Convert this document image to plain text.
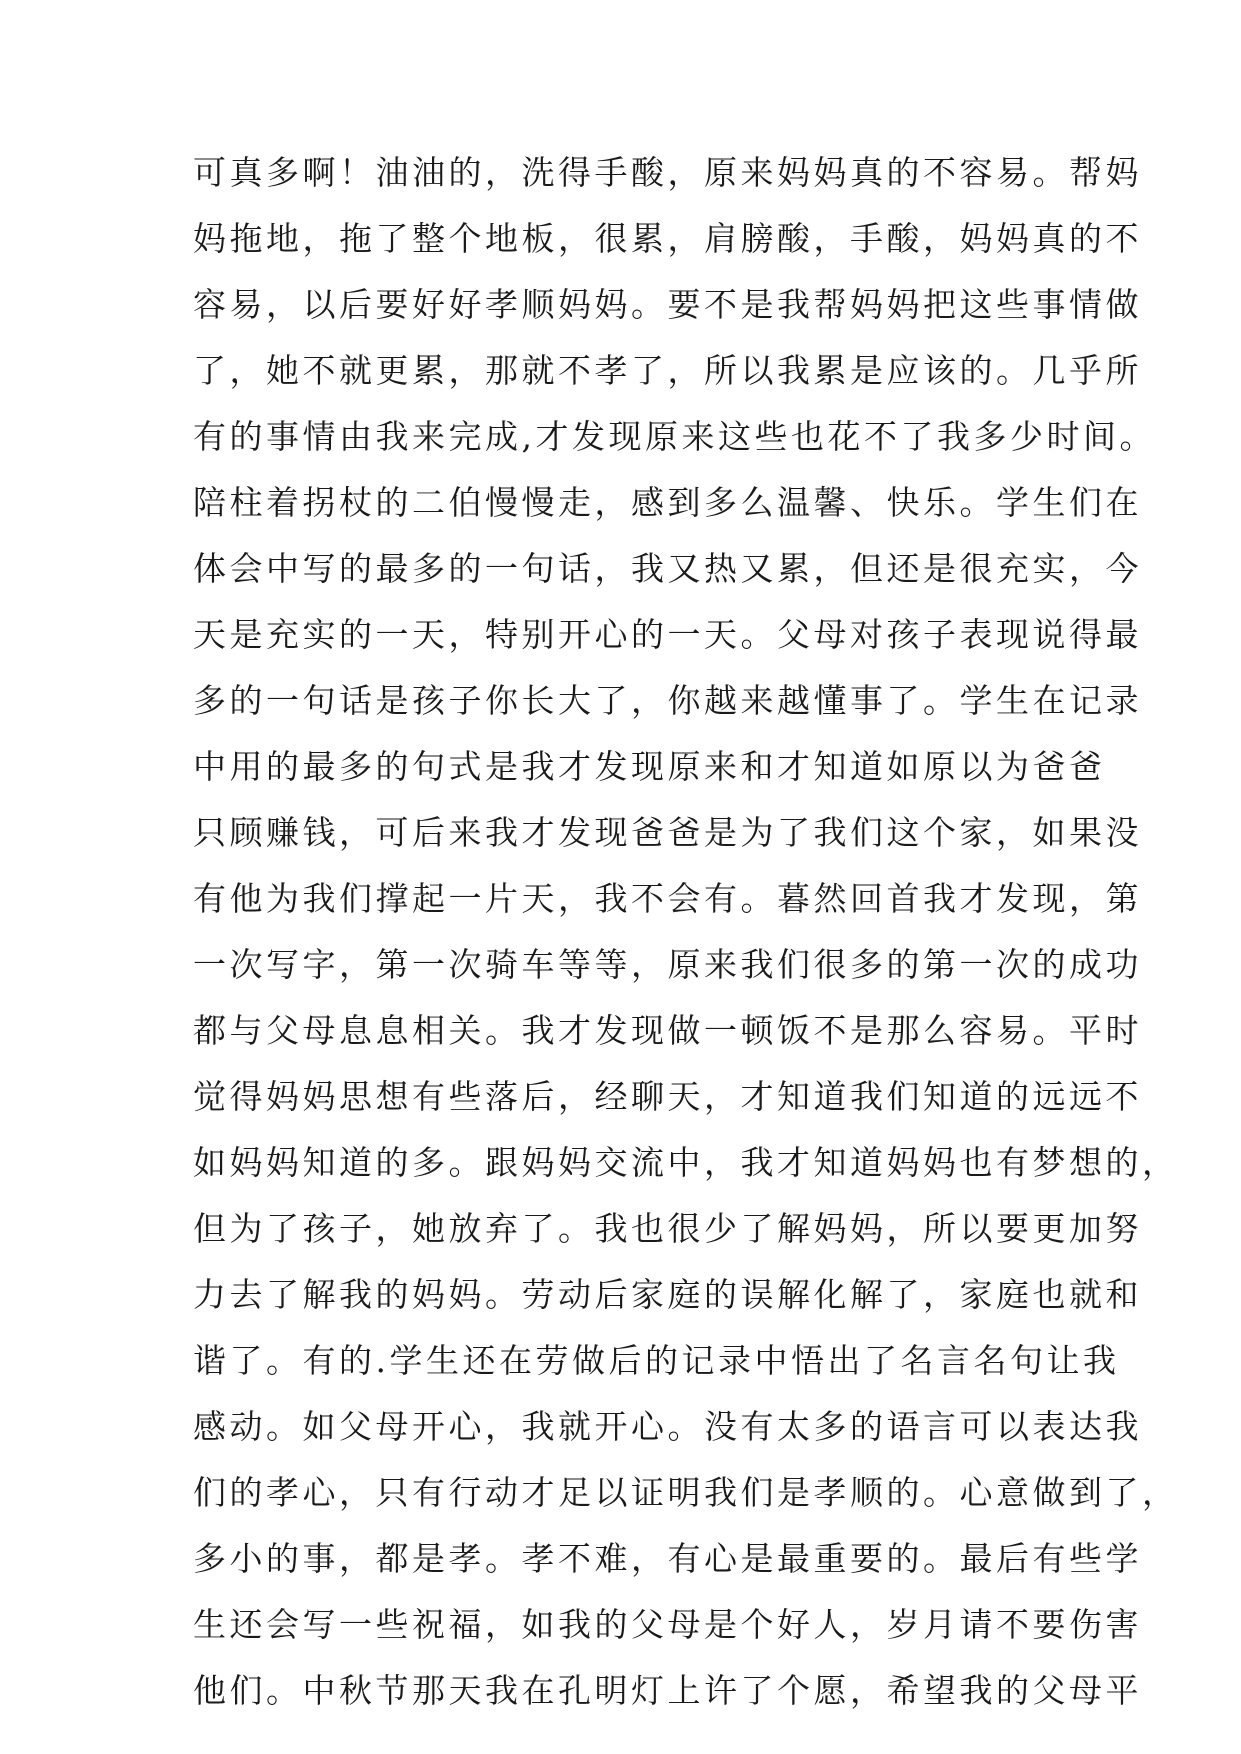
可真多啊！油油的，洗得手酸，原来妈妈真的不容易。帮妈
妈拖地，拖了整个地板，很累，肩膀酸，手酸，妈妈真的不
容易，以后要好好孝顺妈妈。要不是我帮妈妈把这些事情做
了，她不就更累，那就不孝了，所以我累是应该的。几乎所
有的事情由我来完成,才发现原来这些也花不了我多少时间。
陪柱着拐杖的二伯慢慢走，感到多么温馨、快乐。学生们在
体会中写的最多的一句话，我又热又累，但还是很充实，今
天是充实的一天，特别开心的一天。父母对孩子表现说得最
多的一句话是孩子你长大了，你越来越懂事了。学生在记录
中用的最多的句式是我才发现原来和才知道如原以为爸爸
只顾赚钱，可后来我才发现爸爸是为了我们这个家，如果没
有他为我们撑起一片天，我不会有。暮然回首我才发现，第
一次写字，第一次骑车等等，原来我们很多的第一次的成功
都与父母息息相关。我才发现做一顿饭不是那么容易。平时
觉得妈妈思想有些落后，经聊天，才知道我们知道的远远不
如妈妈知道的多。跟妈妈交流中，我才知道妈妈也有梦想的，
但为了孩子，她放弃了。我也很少了解妈妈，所以要更加努
力去了解我的妈妈。劳动后家庭的误解化解了，家庭也就和
谐了。有的.学生还在劳做后的记录中悟出了名言名句让我
感动。如父母开心，我就开心。没有太多的语言可以表达我
们的孝心，只有行动才足以证明我们是孝顺的。心意做到了，
多小的事，都是孝。孝不难，有心是最重要的。最后有些学
生还会写一些祝福，如我的父母是个好人，岁月请不要伤害
他们。中秋节那天我在孔明灯上许了个愿，希望我的父母平
